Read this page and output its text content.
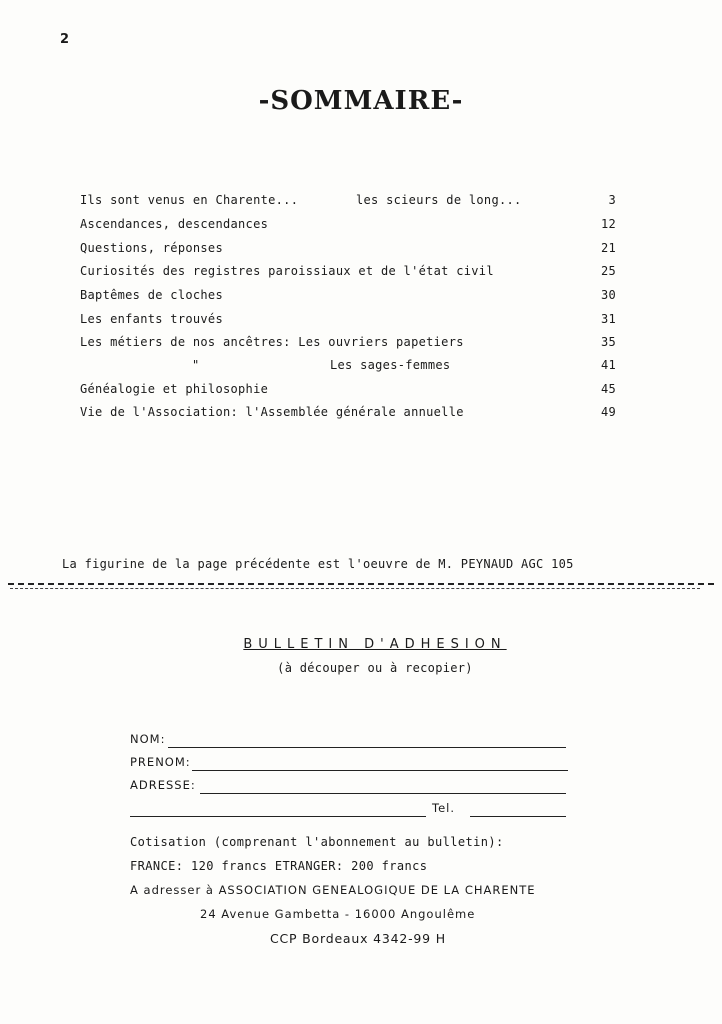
2
-SOMMAIRE-
Ils sont venus en Charente...	les scieurs de long...	3
Ascendances, descendances	12
Questions, réponses	21
Curiosités des registres paroissiaux et de l'état civil	25
Baptêmes de cloches	30
Les enfants trouvés	31
Les métiers de nos ancêtres: Les ouvriers papetiers	35
"	Les sages-femmes	41
Généalogie et philosophie	45
Vie de l'Association: l'Assemblée générale annuelle	49
La figurine de la page précédente est l'oeuvre de M. PEYNAUD AGC 105
BULLETIN D'ADHESION
(à découper ou à recopier)
NOM:
PRENOM:
ADRESSE:
Tel.
Cotisation (comprenant l'abonnement au bulletin):
FRANCE: 120 francs ETRANGER: 200 francs
A adresser à ASSOCIATION GENEALOGIQUE DE LA CHARENTE
24 Avenue Gambetta - 16000 Angoulême
CCP Bordeaux 4342-99 H
